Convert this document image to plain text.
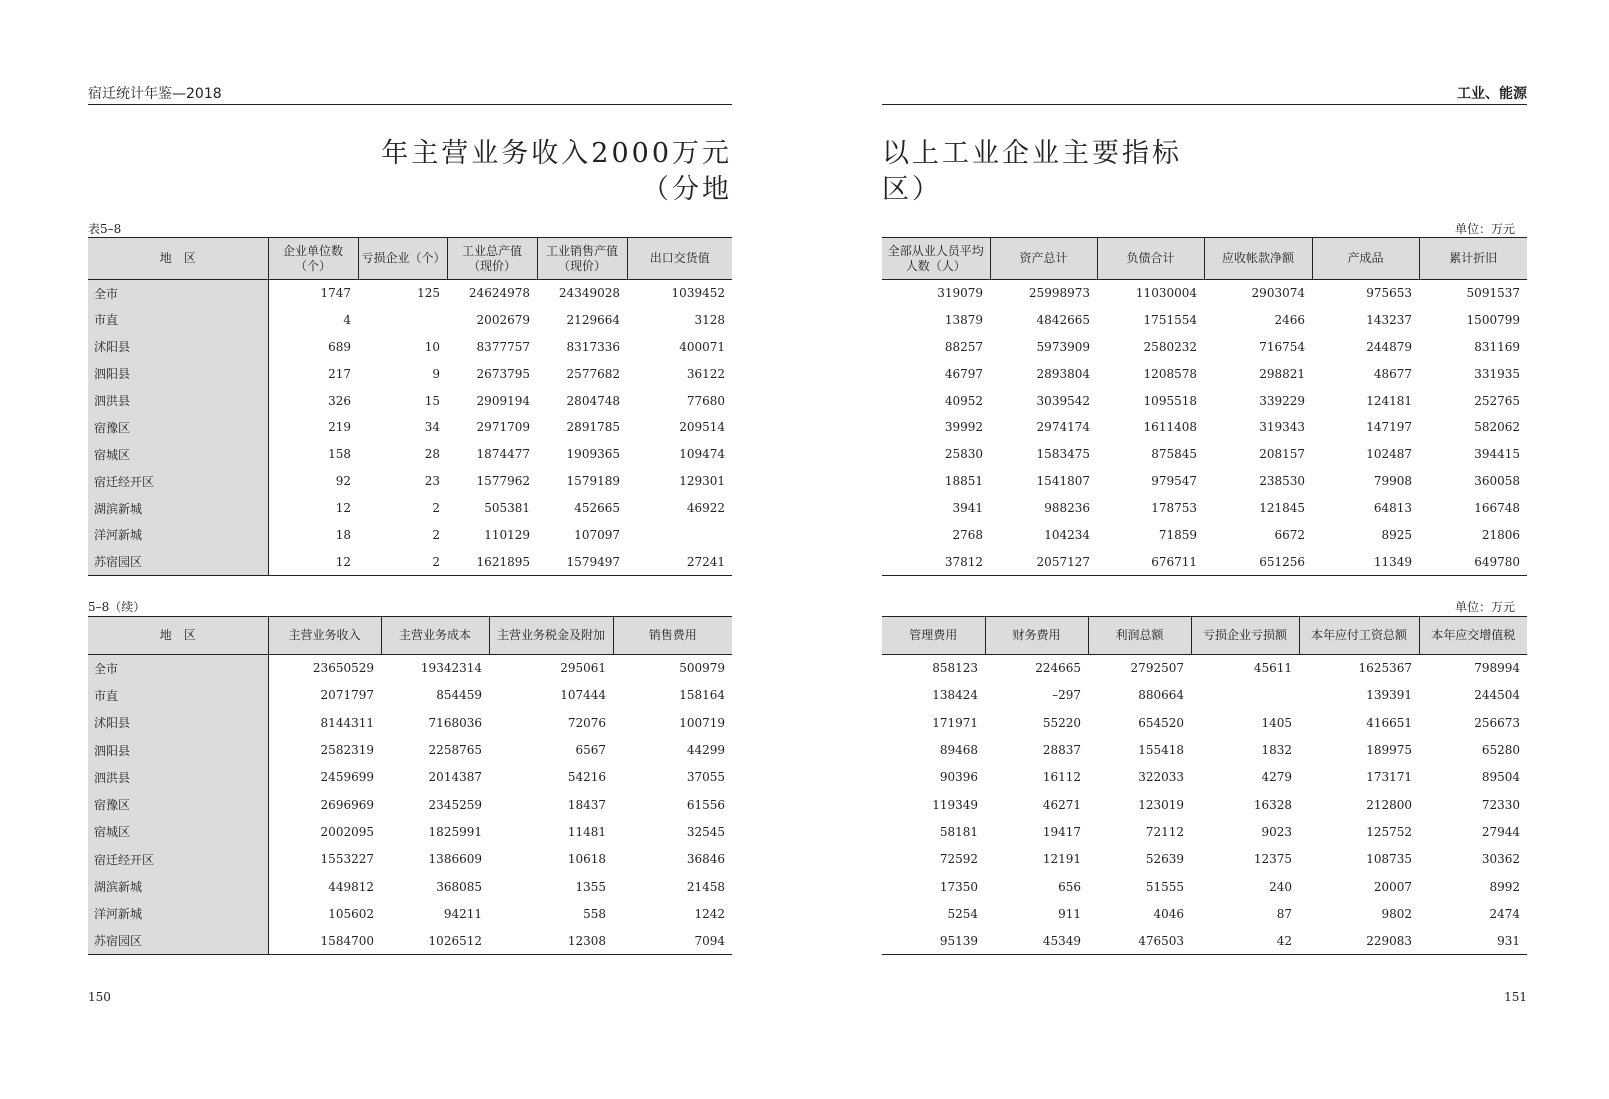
宿迁统计年鉴—2018
年主营业务收入2000万元
（分地
表5–8
地　区	企业单位数（个）	亏损企业（个）	工业总产值（现价）	工业销售产值（现价）	出口交货值
全市	1747	125	24624978	24349028	1039452
市直	4		2002679	2129664	3128
沭阳县	689	10	8377757	8317336	400071
泗阳县	217	9	2673795	2577682	36122
泗洪县	326	15	2909194	2804748	77680
宿豫区	219	34	2971709	2891785	209514
宿城区	158	28	1874477	1909365	109474
宿迁经开区	92	23	1577962	1579189	129301
湖滨新城	12	2	505381	452665	46922
洋河新城	18	2	110129	107097	
苏宿园区	12	2	1621895	1579497	27241
5–8（续）
地　区	主营业务收入	主营业务成本	主营业务税金及附加	销售费用
全市	23650529	19342314	295061	500979
市直	2071797	854459	107444	158164
沭阳县	8144311	7168036	72076	100719
泗阳县	2582319	2258765	6567	44299
泗洪县	2459699	2014387	54216	37055
宿豫区	2696969	2345259	18437	61556
宿城区	2002095	1825991	11481	32545
宿迁经开区	1553227	1386609	10618	36846
湖滨新城	449812	368085	1355	21458
洋河新城	105602	94211	558	1242
苏宿园区	1584700	1026512	12308	7094
150
工业、能源
以上工业企业主要指标
区）
单位：万元
全部从业人员平均人数（人）	资产总计	负债合计	应收帐款净额	产成品	累计折旧
319079	25998973	11030004	2903074	975653	5091537
13879	4842665	1751554	2466	143237	1500799
88257	5973909	2580232	716754	244879	831169
46797	2893804	1208578	298821	48677	331935
40952	3039542	1095518	339229	124181	252765
39992	2974174	1611408	319343	147197	582062
25830	1583475	875845	208157	102487	394415
18851	1541807	979547	238530	79908	360058
3941	988236	178753	121845	64813	166748
2768	104234	71859	6672	8925	21806
37812	2057127	676711	651256	11349	649780
单位：万元
管理费用	财务费用	利润总额	亏损企业亏损额	本年应付工资总额	本年应交增值税
858123	224665	2792507	45611	1625367	798994
138424	–297	880664		139391	244504
171971	55220	654520	1405	416651	256673
89468	28837	155418	1832	189975	65280
90396	16112	322033	4279	173171	89504
119349	46271	123019	16328	212800	72330
58181	19417	72112	9023	125752	27944
72592	12191	52639	12375	108735	30362
17350	656	51555	240	20007	8992
5254	911	4046	87	9802	2474
95139	45349	476503	42	229083	931
151
